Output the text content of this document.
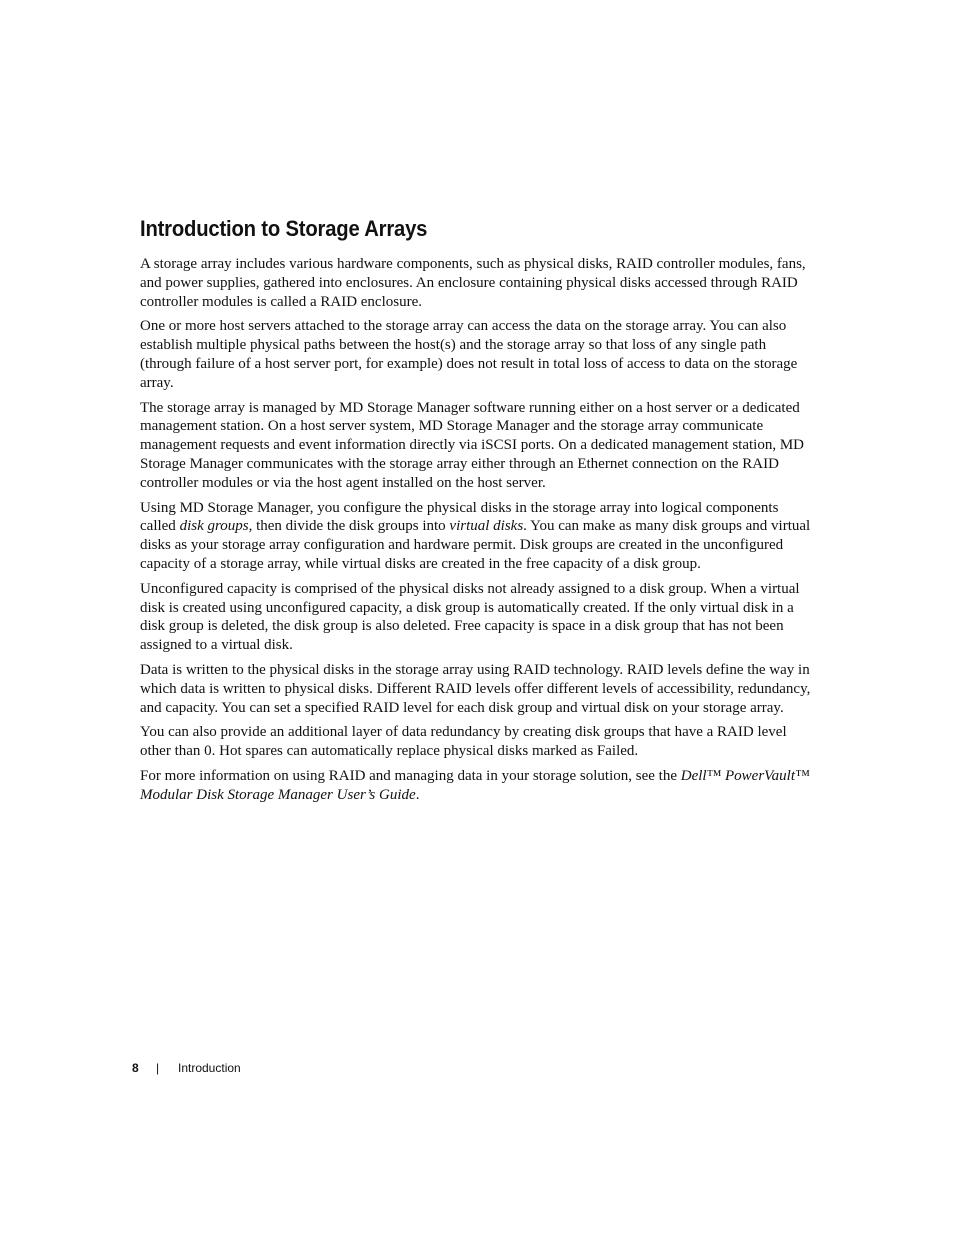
Introduction to Storage Arrays

A storage array includes various hardware components, such as physical disks, RAID controller modules, fans, and power supplies, gathered into enclosures. An enclosure containing physical disks accessed through RAID controller modules is called a RAID enclosure.

One or more host servers attached to the storage array can access the data on the storage array. You can also establish multiple physical paths between the host(s) and the storage array so that loss of any single path (through failure of a host server port, for example) does not result in total loss of access to data on the storage array.

The storage array is managed by MD Storage Manager software running either on a host server or a dedicated management station. On a host server system, MD Storage Manager and the storage array communicate management requests and event information directly via iSCSI ports. On a dedicated management station, MD Storage Manager communicates with the storage array either through an Ethernet connection on the RAID controller modules or via the host agent installed on the host server.

Using MD Storage Manager, you configure the physical disks in the storage array into logical components called disk groups, then divide the disk groups into virtual disks. You can make as many disk groups and virtual disks as your storage array configuration and hardware permit. Disk groups are created in the unconfigured capacity of a storage array, while virtual disks are created in the free capacity of a disk group.

Unconfigured capacity is comprised of the physical disks not already assigned to a disk group. When a virtual disk is created using unconfigured capacity, a disk group is automatically created. If the only virtual disk in a disk group is deleted, the disk group is also deleted. Free capacity is space in a disk group that has not been assigned to a virtual disk.

Data is written to the physical disks in the storage array using RAID technology. RAID levels define the way in which data is written to physical disks. Different RAID levels offer different levels of accessibility, redundancy, and capacity. You can set a specified RAID level for each disk group and virtual disk on your storage array.

You can also provide an additional layer of data redundancy by creating disk groups that have a RAID level other than 0. Hot spares can automatically replace physical disks marked as Failed.

For more information on using RAID and managing data in your storage solution, see the Dell™ PowerVault™ Modular Disk Storage Manager User’s Guide.

8 | Introduction
